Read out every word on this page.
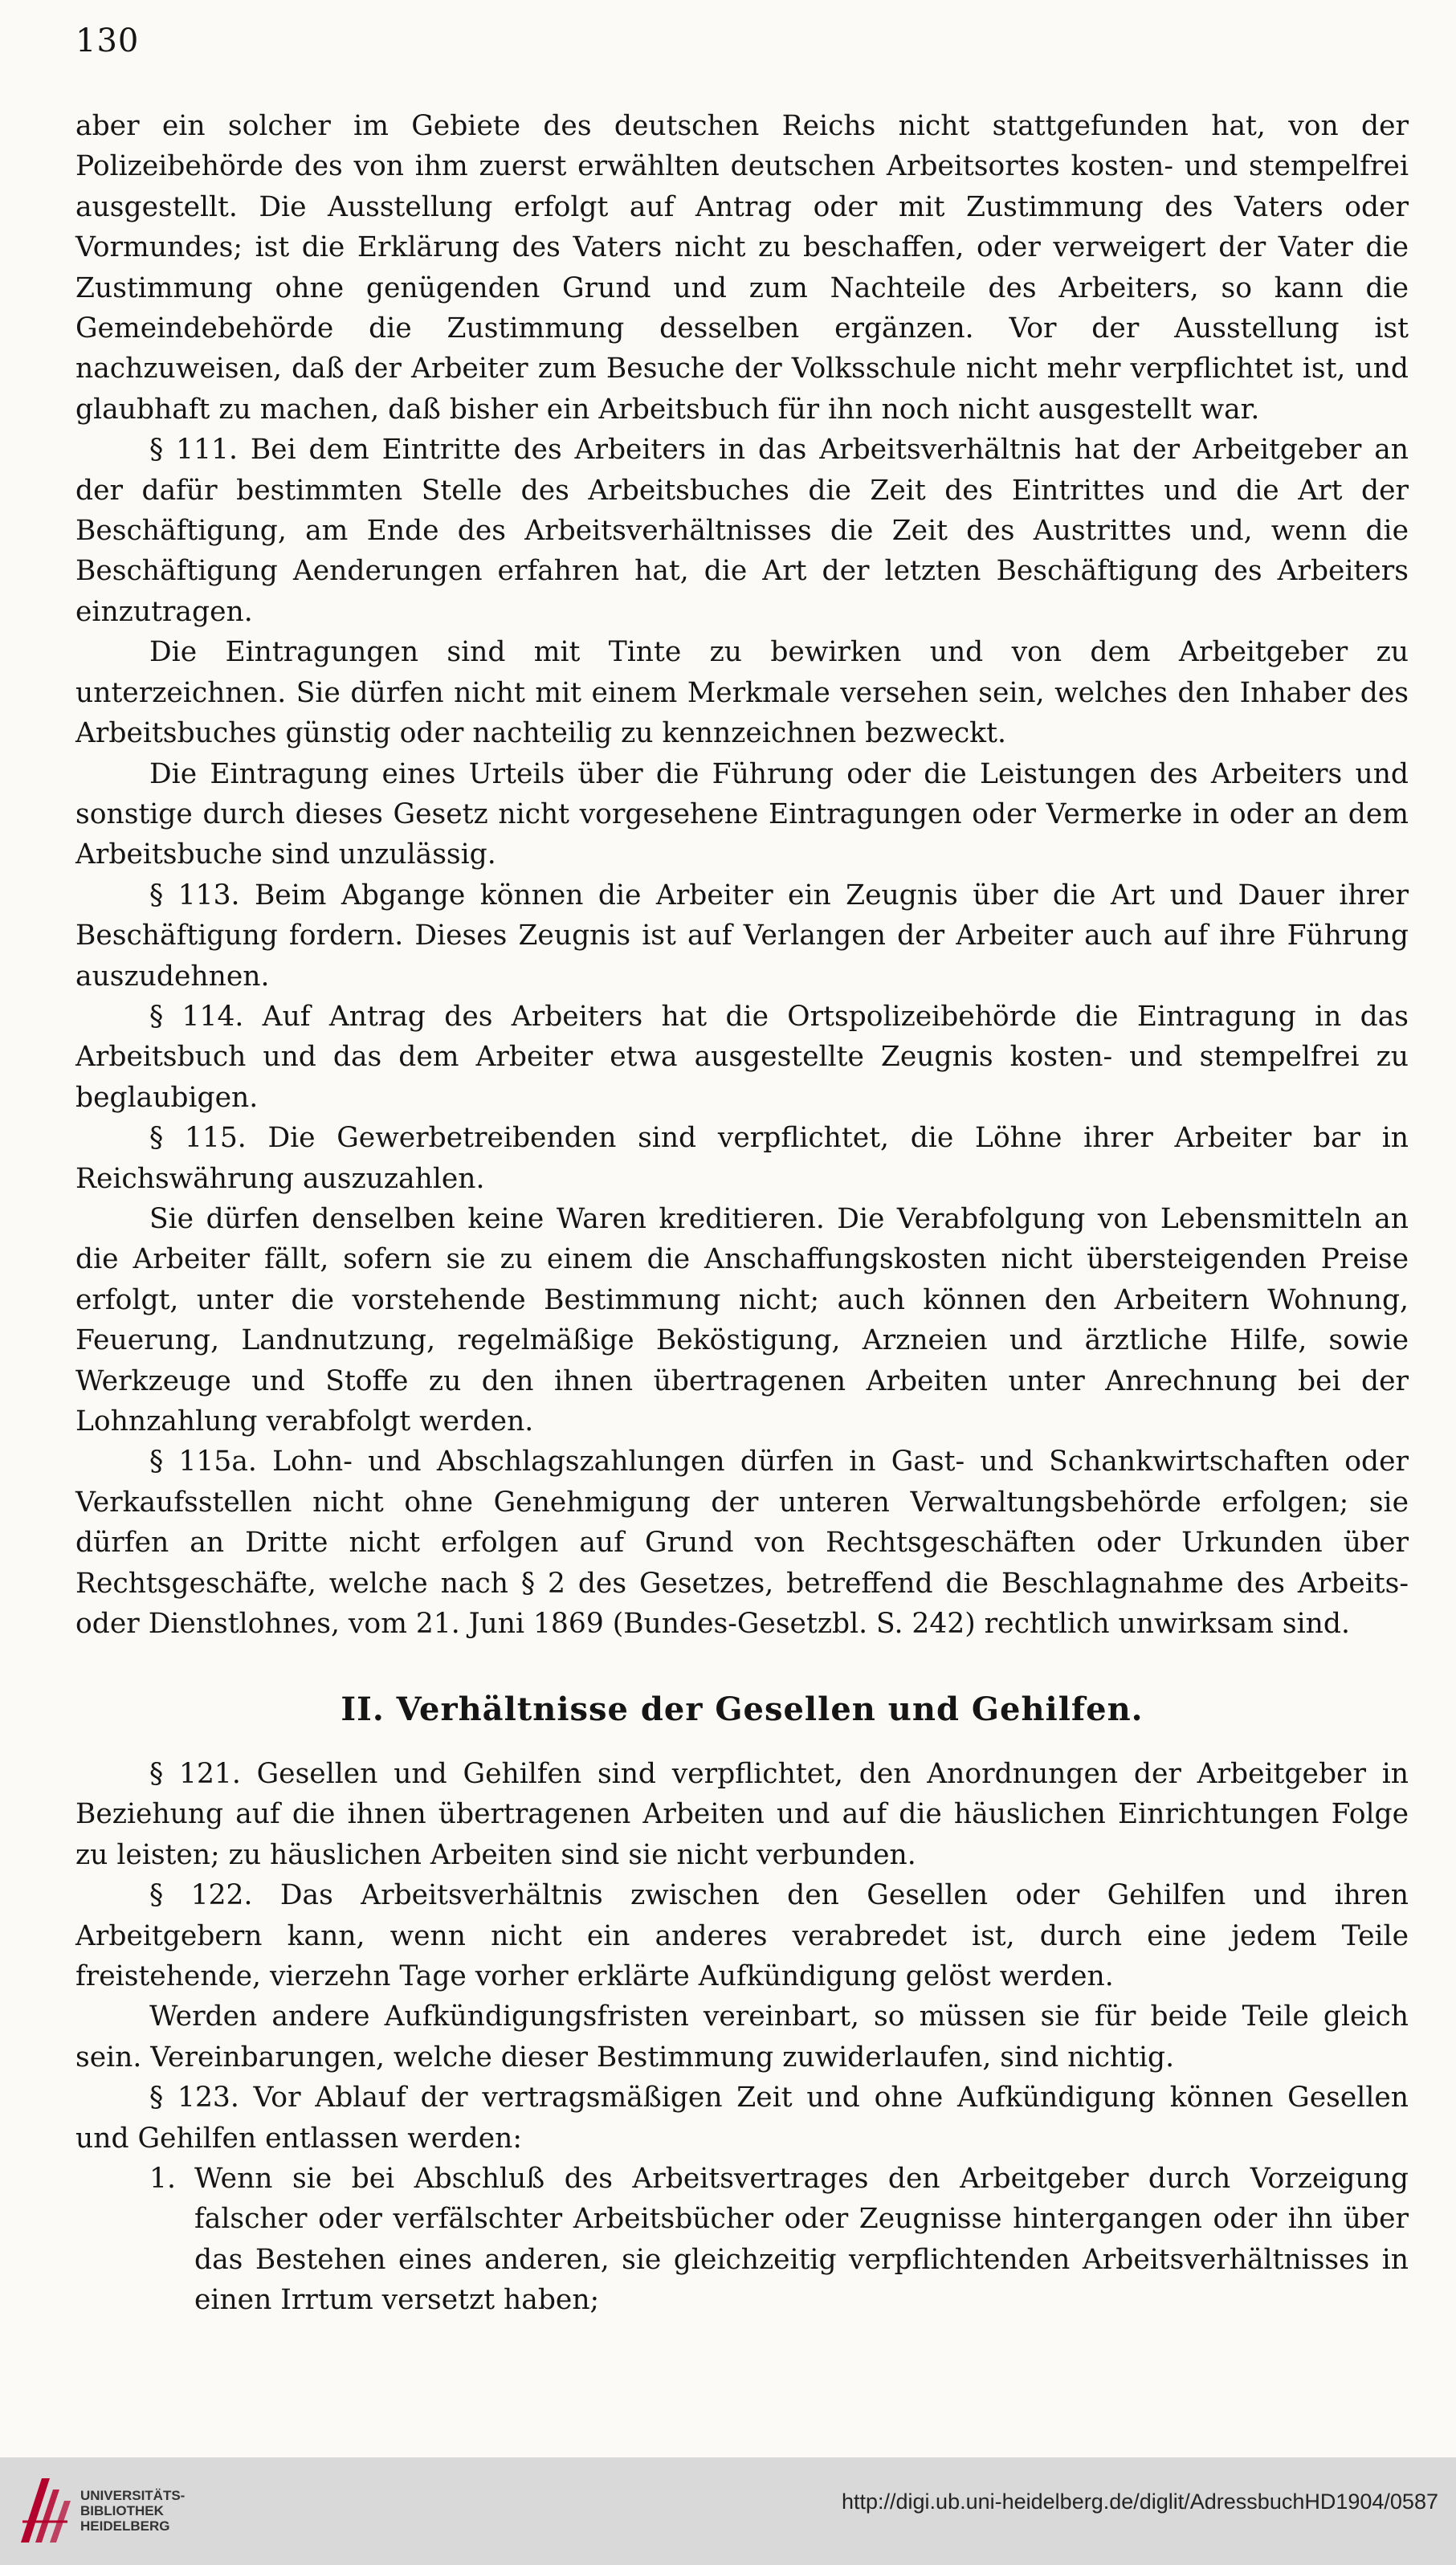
130

aber ein solcher im Gebiete des deutschen Reichs nicht stattgefunden hat, von der Polizeibehörde des von ihm zuerst erwählten deutschen Arbeitsortes kosten- und stempelfrei ausgestellt. Die Ausstellung erfolgt auf Antrag oder mit Zustimmung des Vaters oder Vormundes; ist die Erklärung des Vaters nicht zu beschaffen, oder verweigert der Vater die Zustimmung ohne genügenden Grund und zum Nachteile des Arbeiters, so kann die Gemeindebehörde die Zustimmung desselben ergänzen. Vor der Ausstellung ist nachzuweisen, daß der Arbeiter zum Besuche der Volksschule nicht mehr verpflichtet ist, und glaubhaft zu machen, daß bisher ein Arbeitsbuch für ihn noch nicht ausgestellt war.

§ 111. Bei dem Eintritte des Arbeiters in das Arbeitsverhältnis hat der Arbeitgeber an der dafür bestimmten Stelle des Arbeitsbuches die Zeit des Eintrittes und die Art der Beschäftigung, am Ende des Arbeitsverhältnisses die Zeit des Austrittes und, wenn die Beschäftigung Aenderungen erfahren hat, die Art der letzten Beschäftigung des Arbeiters einzutragen.

Die Eintragungen sind mit Tinte zu bewirken und von dem Arbeitgeber zu unterzeichnen. Sie dürfen nicht mit einem Merkmale versehen sein, welches den Inhaber des Arbeitsbuches günstig oder nachteilig zu kennzeichnen bezweckt.

Die Eintragung eines Urteils über die Führung oder die Leistungen des Arbeiters und sonstige durch dieses Gesetz nicht vorgesehene Eintragungen oder Vermerke in oder an dem Arbeitsbuche sind unzulässig.

§ 113. Beim Abgange können die Arbeiter ein Zeugnis über die Art und Dauer ihrer Beschäftigung fordern. Dieses Zeugnis ist auf Verlangen der Arbeiter auch auf ihre Führung auszudehnen.

§ 114. Auf Antrag des Arbeiters hat die Ortspolizeibehörde die Eintragung in das Arbeitsbuch und das dem Arbeiter etwa ausgestellte Zeugnis kosten- und stempelfrei zu beglaubigen.

§ 115. Die Gewerbetreibenden sind verpflichtet, die Löhne ihrer Arbeiter bar in Reichswährung auszuzahlen.

Sie dürfen denselben keine Waren kreditieren. Die Verabfolgung von Lebensmitteln an die Arbeiter fällt, sofern sie zu einem die Anschaffungskosten nicht übersteigenden Preise erfolgt, unter die vorstehende Bestimmung nicht; auch können den Arbeitern Wohnung, Feuerung, Landnutzung, regelmäßige Beköstigung, Arzneien und ärztliche Hilfe, sowie Werkzeuge und Stoffe zu den ihnen übertragenen Arbeiten unter Anrechnung bei der Lohnzahlung verabfolgt werden.

§ 115a. Lohn- und Abschlagszahlungen dürfen in Gast- und Schankwirtschaften oder Verkaufsstellen nicht ohne Genehmigung der unteren Verwaltungsbehörde erfolgen; sie dürfen an Dritte nicht erfolgen auf Grund von Rechtsgeschäften oder Urkunden über Rechtsgeschäfte, welche nach § 2 des Gesetzes, betreffend die Beschlagnahme des Arbeits- oder Dienstlohnes, vom 21. Juni 1869 (Bundes-Gesetzbl. S. 242) rechtlich unwirksam sind.

II. Verhältnisse der Gesellen und Gehilfen.

§ 121. Gesellen und Gehilfen sind verpflichtet, den Anordnungen der Arbeitgeber in Beziehung auf die ihnen übertragenen Arbeiten und auf die häuslichen Einrichtungen Folge zu leisten; zu häuslichen Arbeiten sind sie nicht verbunden.

§ 122. Das Arbeitsverhältnis zwischen den Gesellen oder Gehilfen und ihren Arbeitgebern kann, wenn nicht ein anderes verabredet ist, durch eine jedem Teile freistehende, vierzehn Tage vorher erklärte Aufkündigung gelöst werden.

Werden andere Aufkündigungsfristen vereinbart, so müssen sie für beide Teile gleich sein. Vereinbarungen, welche dieser Bestimmung zuwiderlaufen, sind nichtig.

§ 123. Vor Ablauf der vertragsmäßigen Zeit und ohne Aufkündigung können Gesellen und Gehilfen entlassen werden:

1. Wenn sie bei Abschluß des Arbeitsvertrages den Arbeitgeber durch Vorzeigung falscher oder verfälschter Arbeitsbücher oder Zeugnisse hintergangen oder ihn über das Bestehen eines anderen, sie gleichzeitig verpflichtenden Arbeitsverhältnisses in einen Irrtum versetzt haben;

UNIVERSITÄTS-
BIBLIOTHEK
HEIDELBERG
http://digi.ub.uni-heidelberg.de/diglit/AdressbuchHD1904/0587
